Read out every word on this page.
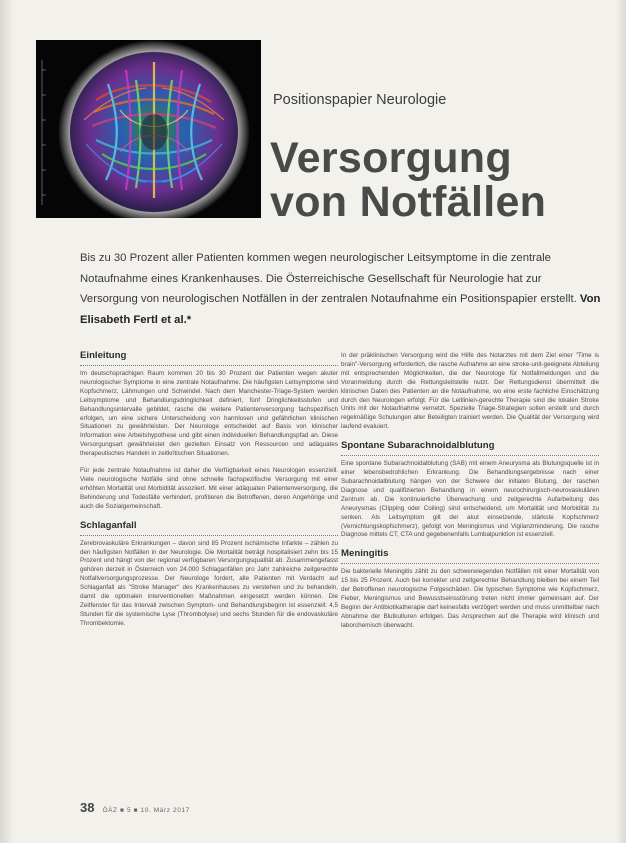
Positionspapier Neurologie
Versorgung
von Notfällen
Bis zu 30 Prozent aller Patienten kommen wegen neurologischer Leitsymptome in die zentrale Notaufnahme eines Krankenhauses. Die Österreichische Gesellschaft für Neurologie hat zur Versorgung von neurologischen Notfällen in der zentralen Notaufnahme ein Positionspapier erstellt. Von Elisabeth Fertl et al.*
Einleitung

Im deutschsprachigen Raum kommen 20 bis 30 Prozent der Patienten wegen akuter neurologischer Symptome in eine zentrale Notaufnahme. Die häufigsten Leitsymptome sind Kopfschmerz, Lähmungen und Schwindel. Nach dem Manchester-Triage-System werden Leitsymptome und Behandlungsdringlichkeit definiert, fünf Dringlichkeitsstufen und Behandlungsintervalle gebildet, rasche die weitere Patientenversorgung fachspezifisch erfolgen, um eine sichere Unterscheidung von harmlosen und gefährlichen klinischen Situationen zu gewährleisten. Der Neurologe entscheidet auf Basis von klinischer Information eine Arbeitshypothese und gibt einen individuellen Behandlungspfad an. Diese Versorgungsart gewährleistet den gezielten Einsatz von Ressourcen und adäquates therapeutisches Handeln in zeitkritischen Situationen.

Für jede zentrale Notaufnahme ist daher die Verfügbarkeit eines Neurologen essenziell. Viele neurologische Notfälle sind ohne schnelle fachspezifische Versorgung mit einer erhöhten Mortalität und Morbidität assoziiert. Mit einer adäquaten Patientenversorgung, die Behinderung und Todesfälle verhindert, profitieren die Betroffenen, deren Angehörige und auch die Sozialgemeinschaft.

Schlaganfall

Zerebrovaskuläre Erkrankungen – davon sind 85 Prozent ischämische Infarkte – zählen zu den häufigsten Notfällen in der Neurologie. Die Mortalität beträgt hospitalisiert zehn bis 15 Prozent und hängt von der regional verfügbaren Versorgungsqualität ab. Zusammengefasst gehören derzeit in Österreich von 24.000 Schlaganfällen pro Jahr zahlreiche zeitgerechte Notfallversorgungsprozesse. Der Neurologe fordert, alle Patienten mit Verdacht auf Schlaganfall als "Stroke Manager" des Krankenhauses zu verstehen und zu behandeln, damit die optimalen interventionellen Maßnahmen eingesetzt werden können. Die Zeitfenster für das Intervall zwischen Symptom- und Behandlungsbeginn ist essenziell: 4,5 Stunden für die systemische Lyse (Thrombolyse) und sechs Stunden für die endovaskuläre Thrombektomie.

In der präklinischen Versorgung wird die Hilfe des Notarztes mit dem Ziel einer "Time is brain"-Versorgung erforderlich, die rasche Aufnahme an eine stroke-unit-geeignete Abteilung mit entsprechenden Möglichkeiten, die der Neurologe für Notfallmeldungen und die Voranmeldung durch die Rettungsleitstelle nutzt. Der Rettungsdienst übermittelt die klinischen Daten des Patienten an die Notaufnahme, wo eine erste fachliche Einschätzung durch den Neurologen erfolgt. Für die Leitlinien-gerechte Therapie sind die lokalen Stroke Units mit der Notaufnahme vernetzt. Spezielle Triage-Strategien sollen erstellt und durch regelmäßige Schulungen aller Beteiligten trainiert werden. Die Qualität der Versorgung wird laufend evaluiert.

Spontane Subarachnoidalblutung

Eine spontane Subarachnoidalblutung (SAB) mit einem Aneurysma als Blutungsquelle ist in einer lebensbedrohlichen Erkrankung. Die Behandlungsergebnisse nach einer Subarachnoidalblutung hängen von der Schwere der initialen Blutung, der raschen Diagnose und qualifizierten Behandlung in einem neurochirurgisch-neurovaskulären Zentrum ab. Die kontinuierliche Überwachung und zeitgerechte Aufarbeitung des Aneurysmas (Clipping oder Coiling) sind entscheidend, um Mortalität und Morbidität zu senken. Als Leitsymptom gilt der akut einsetzende, stärkste Kopfschmerz (Vernichtungskopfschmerz), gefolgt von Meningismus und Vigilanzminderung. Die rasche Diagnose mittels CT, CTA und gegebenenfalls Lumbalpunktion ist essenziell.

Meningitis

Die bakterielle Meningitis zählt zu den schwerwiegenden Notfällen mit einer Mortalität von 15 bis 25 Prozent. Auch bei korrekter und zeitgerechter Behandlung bleiben bei einem Teil der Betroffenen neurologische Folgeschäden. Die typischen Symptome wie Kopfschmerz, Fieber, Meningismus und Bewusstseinsstörung treten nicht immer gemeinsam auf. Der Beginn der Antibiotikatherapie darf keinesfalls verzögert werden und muss unmittelbar nach Abnahme der Blutkulturen erfolgen. Das Ansprechen auf die Therapie wird klinisch und laborchemisch überwacht.

38 ÖÄZ ■ 5 ■ 10. März 2017
